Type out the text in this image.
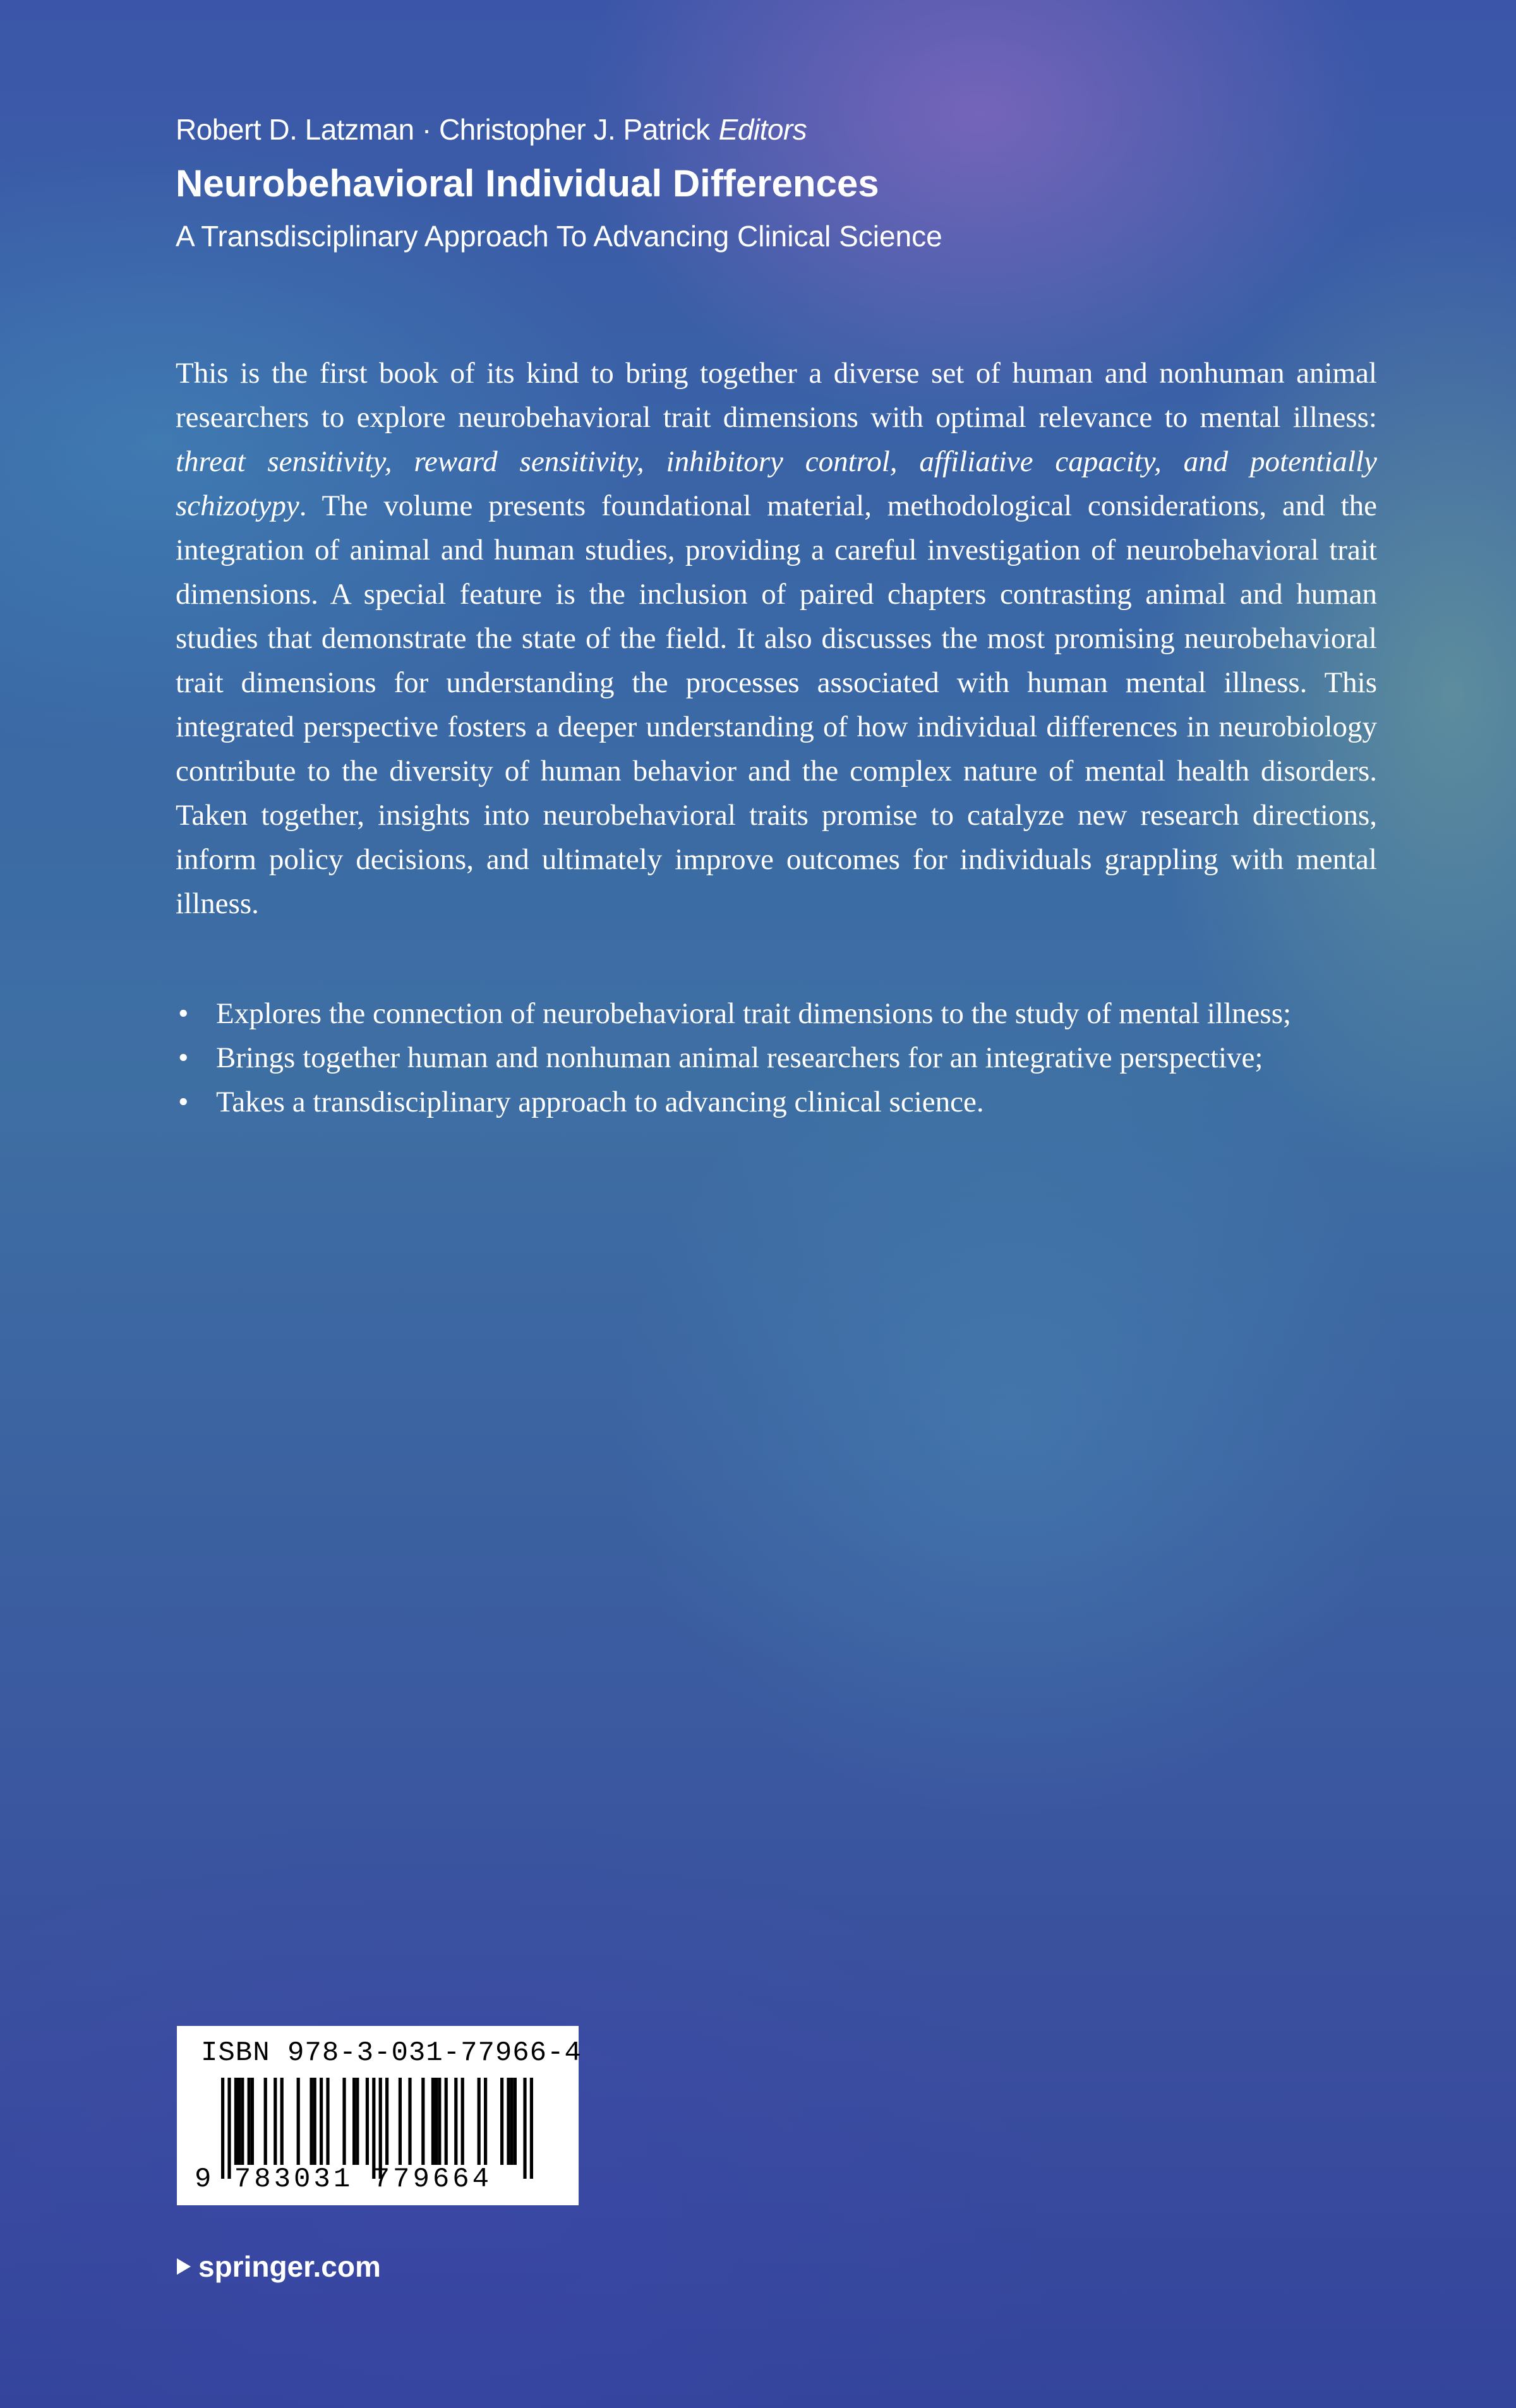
Robert D. Latzman · Christopher J. Patrick Editors
Neurobehavioral Individual Differences
A Transdisciplinary Approach To Advancing Clinical Science

This is the first book of its kind to bring together a diverse set of human and nonhuman animal researchers to explore neurobehavioral trait dimensions with optimal relevance to mental illness: threat sensitivity, reward sensitivity, inhibitory control, affiliative capacity, and potentially schizotypy. The volume presents foundational material, methodological considerations, and the integration of animal and human studies, providing a careful investigation of neurobehavioral trait dimensions. A special feature is the inclusion of paired chapters contrasting animal and human studies that demonstrate the state of the field. It also discusses the most promising neurobehavioral trait dimensions for understanding the processes associated with human mental illness. This integrated perspective fosters a deeper understanding of how individual differences in neurobiology contribute to the diversity of human behavior and the complex nature of mental health disorders. Taken together, insights into neurobehavioral traits promise to catalyze new research directions, inform policy decisions, and ultimately improve outcomes for individuals grappling with mental illness.

• Explores the connection of neurobehavioral trait dimensions to the study of mental illness;
• Brings together human and nonhuman animal researchers for an integrative perspective;
• Takes a transdisciplinary approach to advancing clinical science.
ISBN 978-3-031-77966-4
9 783031 779664
springer.com
